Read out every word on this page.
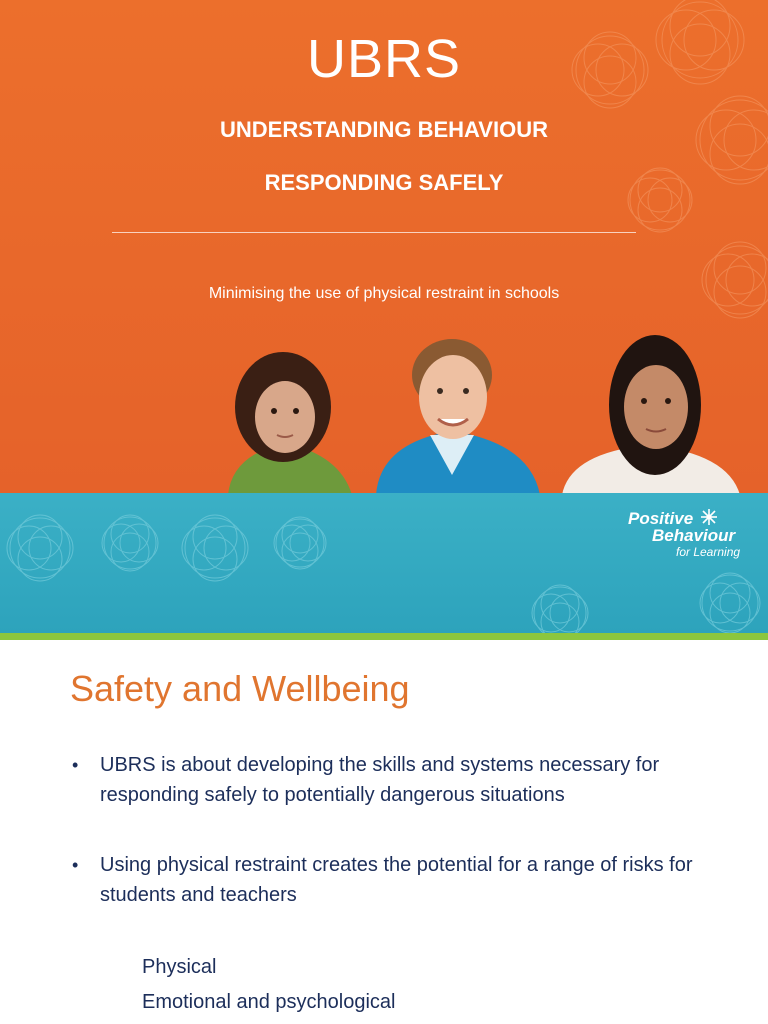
UBRS
UNDERSTANDING BEHAVIOUR
RESPONDING SAFELY
Minimising the use of physical restraint in schools
Positive
Behaviour
for Learning
Safety and Wellbeing
• UBRS is about developing the skills and systems necessary for responding safely to potentially dangerous situations
• Using physical restraint creates the potential for a range of risks for students and teachers
Physical
Emotional and psychological
